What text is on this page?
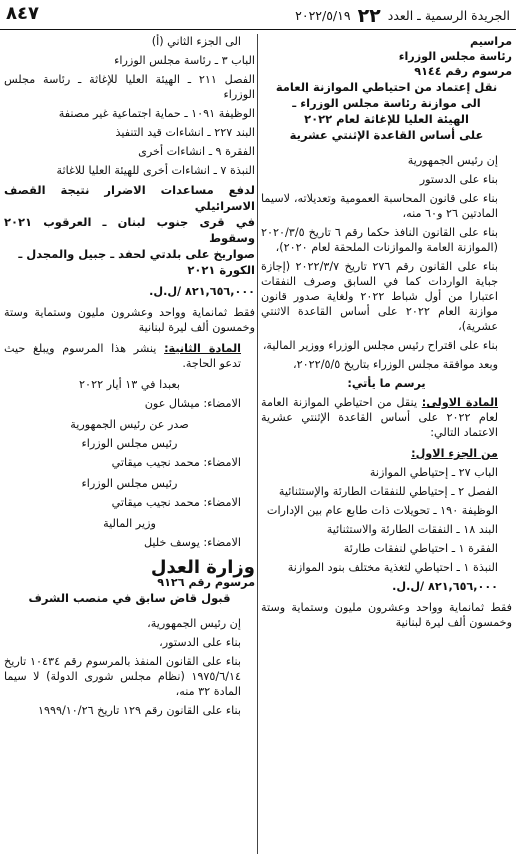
الجريدة الرسمية ـ العدد ٢٢ ٢٠٢٢/٥/١٩
٨٤٧

مراسيم

رئاسة مجلس الوزراء

مرسوم رقم ٩١٤٤

نقل إعتماد من احتياطي الموازنة العامة

الى موازنة رئاسة مجلس الوزراء ـ

الهيئة العليا للإغاثة لعام ٢٠٢٢

على أساس القاعدة الإثنتي عشرية

إن رئيس الجمهورية

بناء على الدستور

بناء على قانون المحاسبة العمومية وتعديلاته، لاسيما المادتين ٢٦ و٦٠ منه،

بناء على القانون النافذ حكما رقم ٦ تاريخ ٢٠٢٠/٣/٥ (الموازنة العامة والموازنات الملحقة لعام ٢٠٢٠)،

بناء على القانون رقم ٢٧٦ تاريخ ٢٠٢٢/٣/٧ (إجازة جباية الواردات كما في السابق وصرف النفقات اعتبارا من أول شباط ٢٠٢٢ ولغاية صدور قانون موازنة العام ٢٠٢٢ على أساس القاعدة الاثنتي عشرية)،

بناء على اقتراح رئيس مجلس الوزراء ووزير المالية،

وبعد موافقة مجلس الوزراء بتاريخ ٢٠٢٢/٥/٥،

يرسم ما يأتي:

المادة الاولى: ينقل من احتياطي الموازنة العامة لعام ٢٠٢٢ على أساس القاعدة الإثنتي عشرية الاعتماد التالي:

من الجزء الاول:

الباب ٢٧ ـ إحتياطي الموازنة

الفصل ٢ ـ إحتياطي للنفقات الطارئة والإستثنائية

الوظيفة ١٩٠ ـ تحويلات ذات طابع عام بين الإدارات

البند ١٨ ـ النفقات الطارئة والاستثنائية

الفقرة ١ ـ احتياطي لنفقات طارئة

النبذة ١ ـ احتياطي لتغذية مختلف بنود الموازنة

٨٢١,٦٥٦,٠٠٠ /ل.ل.

فقط ثمانماية وواحد وعشرون مليون وستماية وستة وخمسون ألف ليرة لبنانية

الى الجزء الثاني (أ)

الباب ٣ ـ رئاسة مجلس الوزراء

الفصل ٢١١ ـ الهيئة العليا للإغاثة ـ رئاسة مجلس الوزراء

الوظيفة ١٠٩١ ـ حماية اجتماعية غير مصنفة

البند ٢٢٧ ـ انشاءات قيد التنفيذ

الفقرة ٩ ـ انشاءات أخرى

النبذة ٧ ـ انشاءات أخرى للهيئة العليا للاغاثة

لدفع مساعدات الاضرار نتيجة القصف الاسرائيلي

في قرى جنوب لبنان ـ العرقوب ٢٠٢١ وسقوط

صواريخ على بلدتي لحفد ـ جبيل والمجدل ـ

الكورة ٢٠٢١

٨٢١,٦٥٦,٠٠٠ /ل.ل.

فقط ثمانماية وواحد وعشرون مليون وستماية وستة وخمسون ألف ليرة لبنانية

المادة الثانية: ينشر هذا المرسوم ويبلغ حيث تدعو الحاجة.

بعبدا في ١٣ أيار ٢٠٢٢

الامضاء: ميشال عون

صدر عن رئيس الجمهورية

رئيس مجلس الوزراء

الامضاء: محمد نجيب ميقاتي

رئيس مجلس الوزراء

الامضاء: محمد نجيب ميقاتي

وزير المالية

الامضاء: يوسف خليل

وزارة العدل

مرسوم رقم ٩١٢٦

قبول قاض سابق في منصب الشرف

إن رئيس الجمهورية،

بناء على الدستور،

بناء على القانون المنفذ بالمرسوم رقم ١٠٤٣٤ تاريخ ١٩٧٥/٦/١٤ (نظام مجلس شورى الدولة) لا سيما المادة ٣٢ منه،

بناء على القانون رقم ١٢٩ تاريخ ١٩٩٩/١٠/٢٦
